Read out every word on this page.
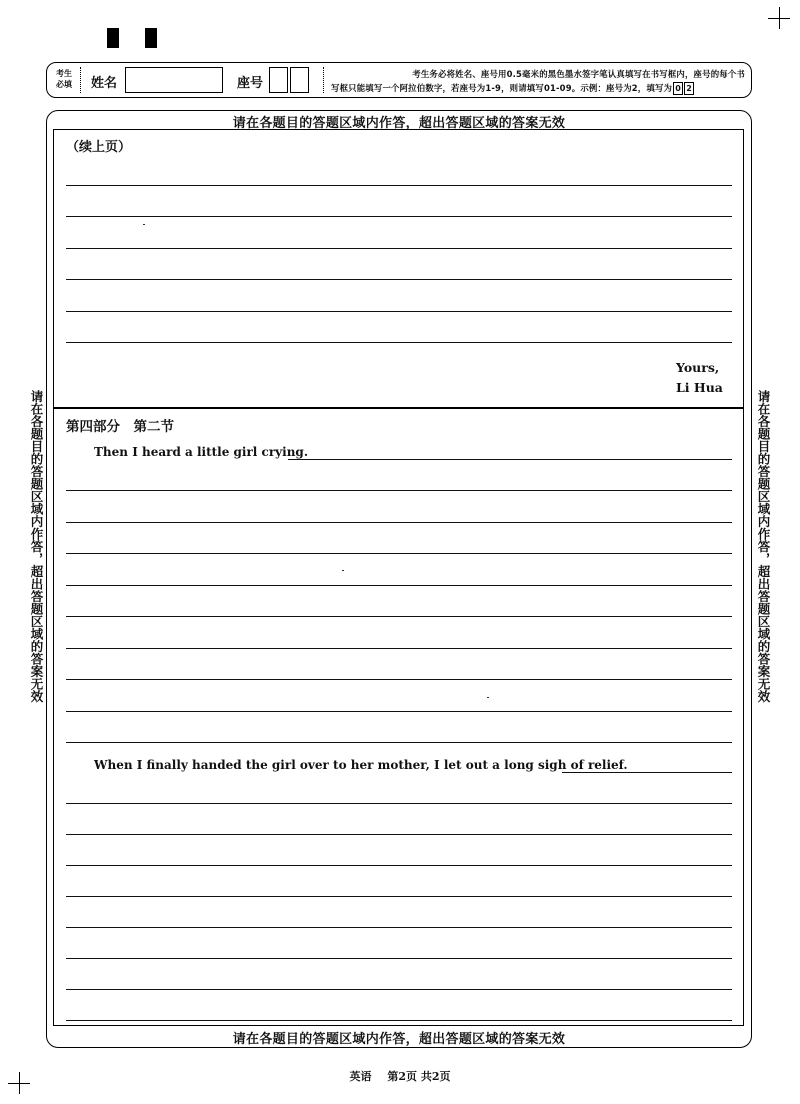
考生必填 姓名	座号
考生务必将姓名、座号用0.5毫米的黑色墨水签字笔认真填写在书写框内，座号的每个书
写框只能填写一个阿拉伯数字，若座号为1-9，则请填写01-09。示例：座号为2，填写为 0 2
请在各题目的答题区域内作答，超出答题区域的答案无效
请在各题目的答题区域内作答，超出答题区域的答案无效
（续上页）
Yours,
Li Hua
第四部分　第二节
Then I heard a little girl crying.
When I finally handed the girl over to her mother, I let out a long sigh of relief.
请在各题目的答题区域内作答，超出答题区域的答案无效	请在各题目的答题区域内作答，超出答题区域的答案无效
英语 第2页 共2页
